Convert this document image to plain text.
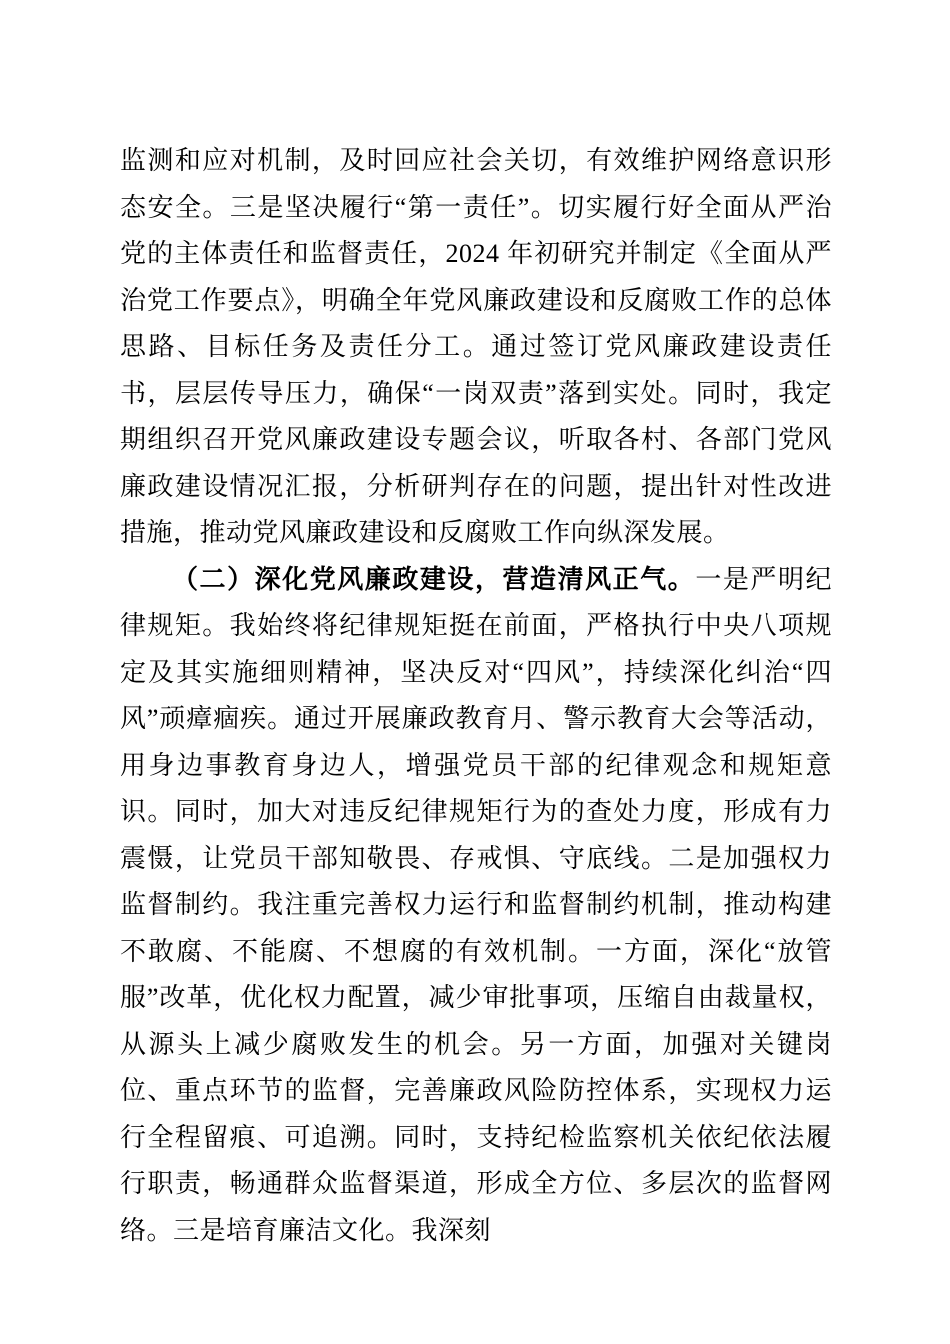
监测和应对机制，及时回应社会关切，有效维护网络意识形态安全。三是坚决履行“第一责任”。切实履行好全面从严治党的主体责任和监督责任，2024 年初研究并制定《全面从严治党工作要点》，明确全年党风廉政建设和反腐败工作的总体思路、目标任务及责任分工。通过签订党风廉政建设责任书，层层传导压力，确保“一岗双责”落到实处。同时，我定期组织召开党风廉政建设专题会议，听取各村、各部门党风廉政建设情况汇报，分析研判存在的问题，提出针对性改进措施，推动党风廉政建设和反腐败工作向纵深发展。

（二）深化党风廉政建设，营造清风正气。一是严明纪律规矩。我始终将纪律规矩挺在前面，严格执行中央八项规定及其实施细则精神，坚决反对“四风”，持续深化纠治“四风”顽瘴痼疾。通过开展廉政教育月、警示教育大会等活动，用身边事教育身边人，增强党员干部的纪律观念和规矩意识。同时，加大对违反纪律规矩行为的查处力度，形成有力震慑，让党员干部知敬畏、存戒惧、守底线。二是加强权力监督制约。我注重完善权力运行和监督制约机制，推动构建不敢腐、不能腐、不想腐的有效机制。一方面，深化“放管服”改革，优化权力配置，减少审批事项，压缩自由裁量权，从源头上减少腐败发生的机会。另一方面，加强对关键岗位、重点环节的监督，完善廉政风险防控体系，实现权力运行全程留痕、可追溯。同时，支持纪检监察机关依纪依法履行职责，畅通群众监督渠道，形成全方位、多层次的监督网络。三是培育廉洁文化。我深刻
